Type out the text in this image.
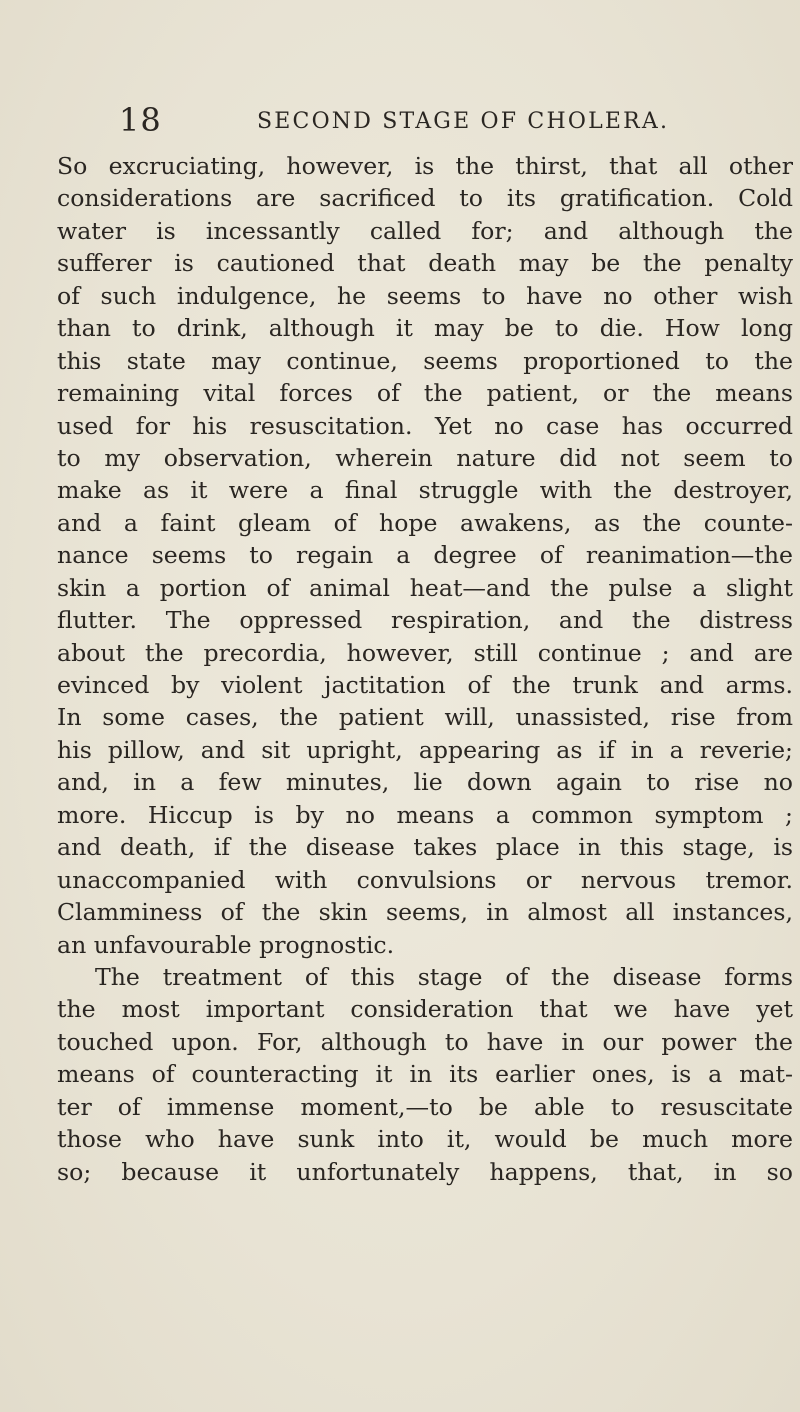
18	SECOND STAGE OF CHOLERA.
So excruciating, however, is the thirst, that all other
considerations are sacrificed to its gratification. Cold
water is incessantly called for; and although the
sufferer is cautioned that death may be the penalty
of such indulgence, he seems to have no other wish
than to drink, although it may be to die. How long
this state may continue, seems proportioned to the
remaining vital forces of the patient, or the means
used for his resuscitation. Yet no case has occurred
to my observation, wherein nature did not seem to
make as it were a final struggle with the destroyer,
and a faint gleam of hope awakens, as the counte-
nance seems to regain a degree of reanimation—the
skin a portion of animal heat—and the pulse a slight
flutter. The oppressed respiration, and the distress
about the precordia, however, still continue ; and are
evinced by violent jactitation of the trunk and arms.
In some cases, the patient will, unassisted, rise from
his pillow, and sit upright, appearing as if in a reverie;
and, in a few minutes, lie down again to rise no
more. Hiccup is by no means a common symptom ;
and death, if the disease takes place in this stage, is
unaccompanied with convulsions or nervous tremor.
Clamminess of the skin seems, in almost all instances,
an unfavourable prognostic.
The treatment of this stage of the disease forms
the most important consideration that we have yet
touched upon. For, although to have in our power the
means of counteracting it in its earlier ones, is a mat-
ter of immense moment,—to be able to resuscitate
those who have sunk into it, would be much more
so; because it unfortunately happens, that, in so
